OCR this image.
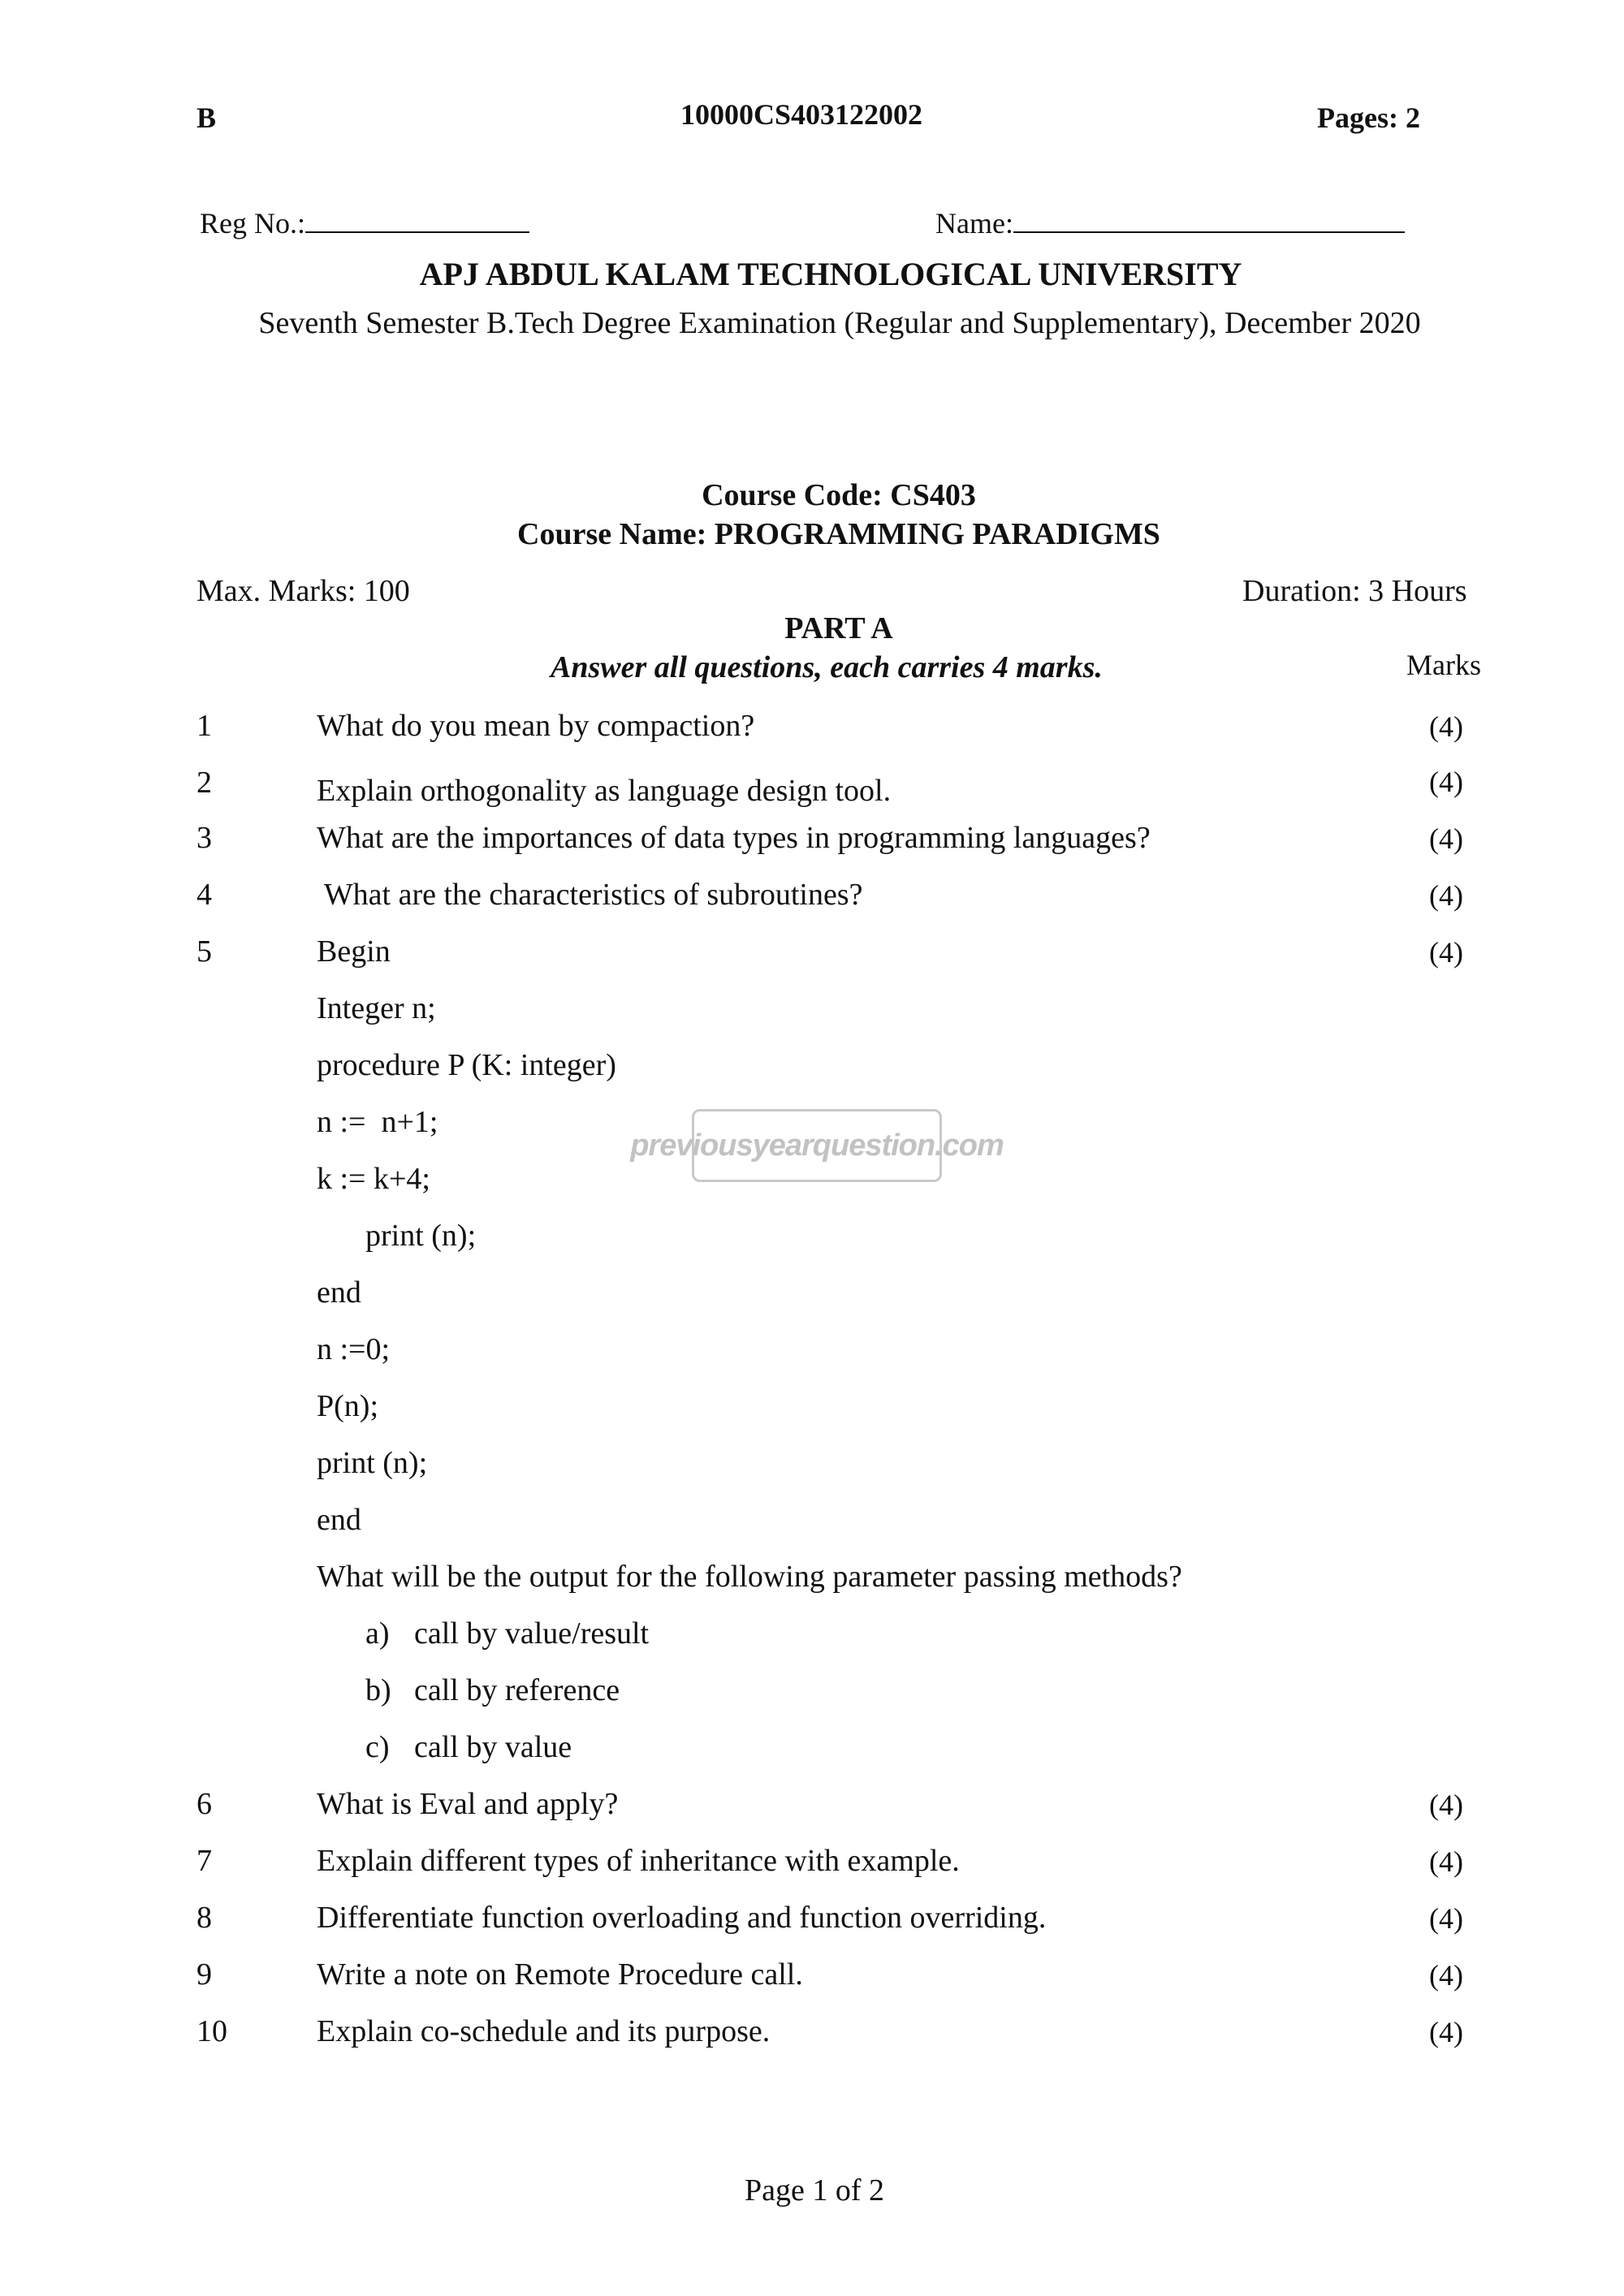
B	10000CS403122002	Pages: 2
Reg No.:	Name:
APJ ABDUL KALAM TECHNOLOGICAL UNIVERSITY
Seventh Semester B.Tech Degree Examination (Regular and Supplementary), December 2020
Course Code: CS403
Course Name: PROGRAMMING PARADIGMS
Max. Marks: 100	Duration: 3 Hours
PART A
Answer all questions, each carries 4 marks.	Marks
1	What do you mean by compaction?	(4)
2	Explain orthogonality as language design tool.	(4)
3	What are the importances of data types in programming languages?	(4)
4	What are the characteristics of subroutines?	(4)
5	Begin	(4)
Integer n;
procedure P (K: integer)
n :=  n+1;
k := k+4;
print (n);
end
n :=0;
P(n);
print (n);
end
What will be the output for the following parameter passing methods?
a) call by value/result
b) call by reference
c) call by value
6	What is Eval and apply?	(4)
7	Explain different types of inheritance with example.	(4)
8	Differentiate function overloading and function overriding.	(4)
9	Write a note on Remote Procedure call.	(4)
10	Explain co-schedule and its purpose.	(4)
previousyearquestion.com
Page 1 of 2
